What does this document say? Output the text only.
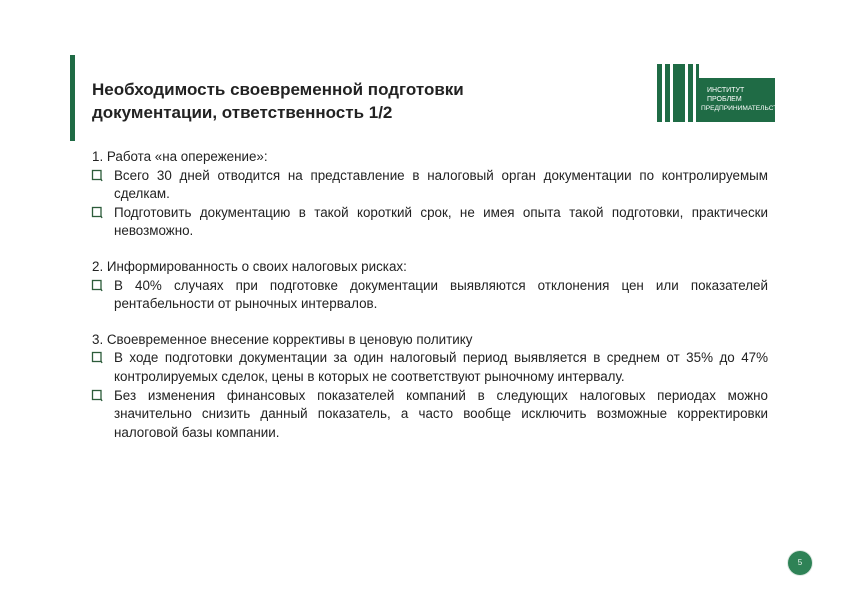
Необходимость своевременной подготовки
документации, ответственность 1/2
ИНСТИТУТ
ПРОБЛЕМ
ПРЕДПРИНИМАТЕЛЬСТВА
1. Работа «на опережение»:
Всего 30 дней отводится на представление в налоговый орган документации по контролируемым сделкам.
Подготовить документацию в такой короткий срок, не имея опыта такой подготовки, практически невозможно.
2. Информированность о своих налоговых рисках:
В 40% случаях при подготовке документации выявляются отклонения цен или показателей рентабельности от рыночных интервалов.
3. Своевременное внесение коррективы в ценовую политику
В ходе подготовки документации за один налоговый период выявляется в среднем от 35% до 47% контролируемых сделок, цены в которых не соответствуют рыночному интервалу.
Без изменения финансовых показателей компаний в следующих налоговых периодах можно значительно снизить данный показатель, а часто вообще исключить возможные корректировки налоговой базы компании.
5
